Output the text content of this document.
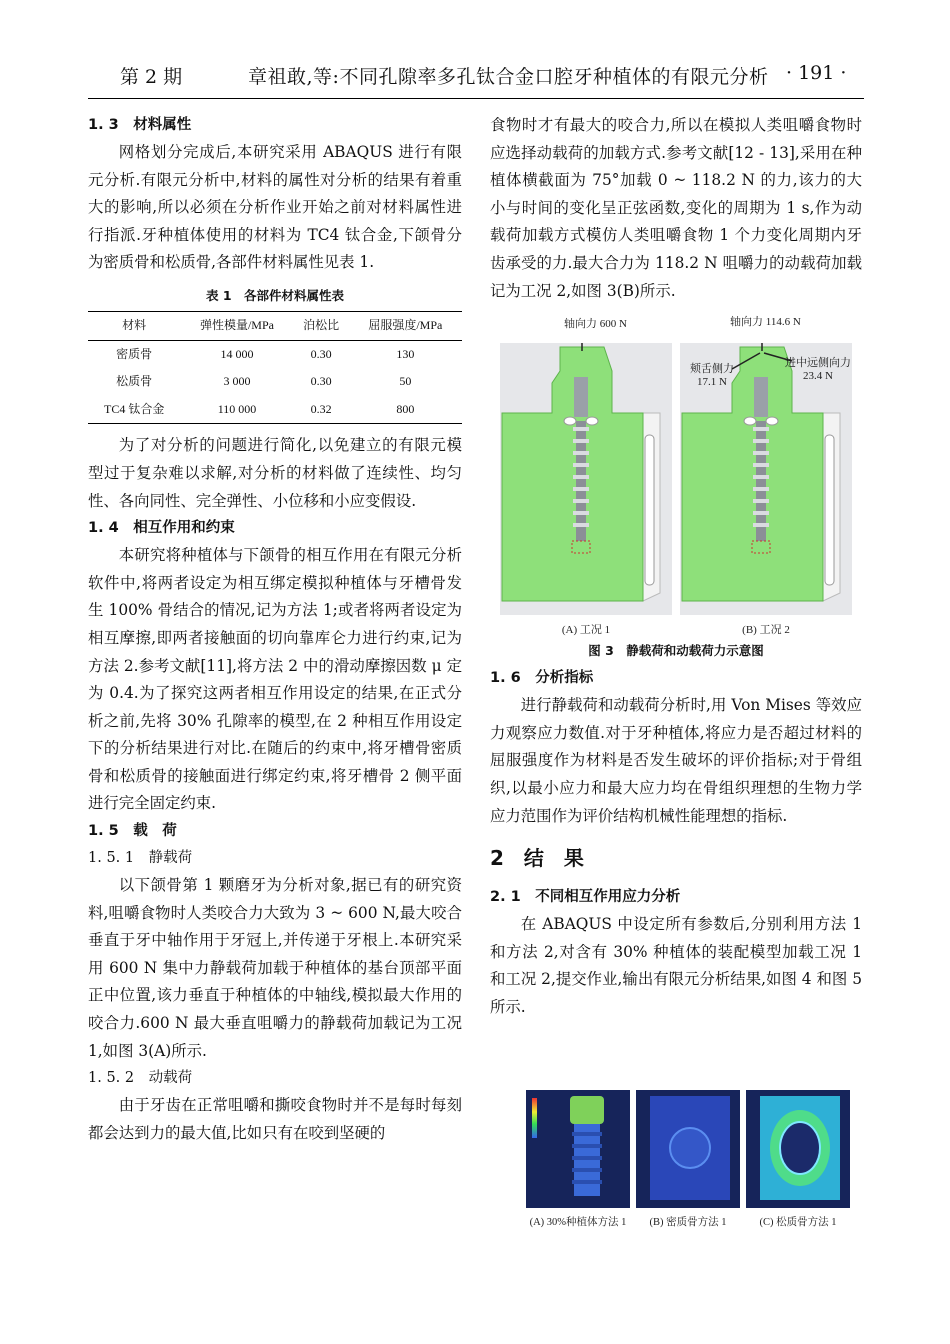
第 2 期	章祖敢,等:不同孔隙率多孔钛合金口腔牙种植体的有限元分析 · 191 ·
1. 3　材料属性

网格划分完成后,本研究采用 ABAQUS 进行有限元分析.有限元分析中,材料的属性对分析的结果有着重大的影响,所以必须在分析作业开始之前对材料属性进行指派.牙种植体使用的材料为 TC4 钛合金,下颌骨分为密质骨和松质骨,各部件材料属性见表 1.

表 1　各部件材料属性表
材料	弹性模量/MPa	泊松比	屈服强度/MPa
密质骨	14 000	0.30	130
松质骨	3 000	0.30	50
TC4 钛合金	110 000	0.32	800

为了对分析的问题进行简化,以免建立的有限元模型过于复杂难以求解,对分析的材料做了连续性、均匀性、各向同性、完全弹性、小位移和小应变假设.

1. 4　相互作用和约束

本研究将种植体与下颌骨的相互作用在有限元分析软件中,将两者设定为相互绑定模拟种植体与牙槽骨发生 100% 骨结合的情况,记为方法 1;或者将两者设定为相互摩擦,即两者接触面的切向靠库仑力进行约束,记为方法 2.参考文献[11],将方法 2 中的滑动摩擦因数 μ 定为 0.4.为了探究这两者相互作用设定的结果,在正式分析之前,先将 30% 孔隙率的模型,在 2 种相互作用设定下的分析结果进行对比.在随后的约束中,将牙槽骨密质骨和松质骨的接触面进行绑定约束,将牙槽骨 2 侧平面进行完全固定约束.

1. 5　载　荷
1. 5. 1　静载荷

以下颌骨第 1 颗磨牙为分析对象,据已有的研究资料,咀嚼食物时人类咬合力大致为 3 ~ 600 N,最大咬合垂直于牙中轴作用于牙冠上,并传递于牙根上.本研究采用 600 N 集中力静载荷加载于种植体的基台顶部平面正中位置,该力垂直于种植体的中轴线,模拟最大作用的咬合力.600 N 最大垂直咀嚼力的静载荷加载记为工况 1,如图 3(A)所示.

1. 5. 2　动载荷

由于牙齿在正常咀嚼和撕咬食物时并不是每时每刻都会达到力的最大值,比如只有在咬到坚硬的

食物时才有最大的咬合力,所以在模拟人类咀嚼食物时应选择动载荷的加载方式.参考文献[12 - 13],采用在种植体横截面为 75°加载 0 ~ 118.2 N 的力,该力的大小与时间的变化呈正弦函数,变化的周期为 1 s,作为动载荷加载方式模仿人类咀嚼食物 1 个力变化周期内牙齿承受的力.最大合力为 118.2 N 咀嚼力的动载荷加载记为工况 2,如图 3(B)所示.

轴向力 600 N	轴向力 114.6 N
颊舌侧力
17.1 N
进中远侧向力
23.4 N
(A) 工况 1	(B) 工况 2
图 3　静载荷和动载荷力示意图
1. 6　分析指标

进行静载荷和动载荷分析时,用 Von Mises 等效应力观察应力数值.对于牙种植体,将应力是否超过材料的屈服强度作为材料是否发生破坏的评价指标;对于骨组织,以最小应力和最大应力均在骨组织理想的生物力学应力范围作为评价结构机械性能理想的指标.

2　结　果
2. 1　不同相互作用应力分析

在 ABAQUS 中设定所有参数后,分别利用方法 1 和方法 2,对含有 30% 种植体的装配模型加载工况 1 和工况 2,提交作业,输出有限元分析结果,如图 4 和图 5 所示.

(A) 30%种植体方法 1	(B) 密质骨方法 1	(C) 松质骨方法 1
